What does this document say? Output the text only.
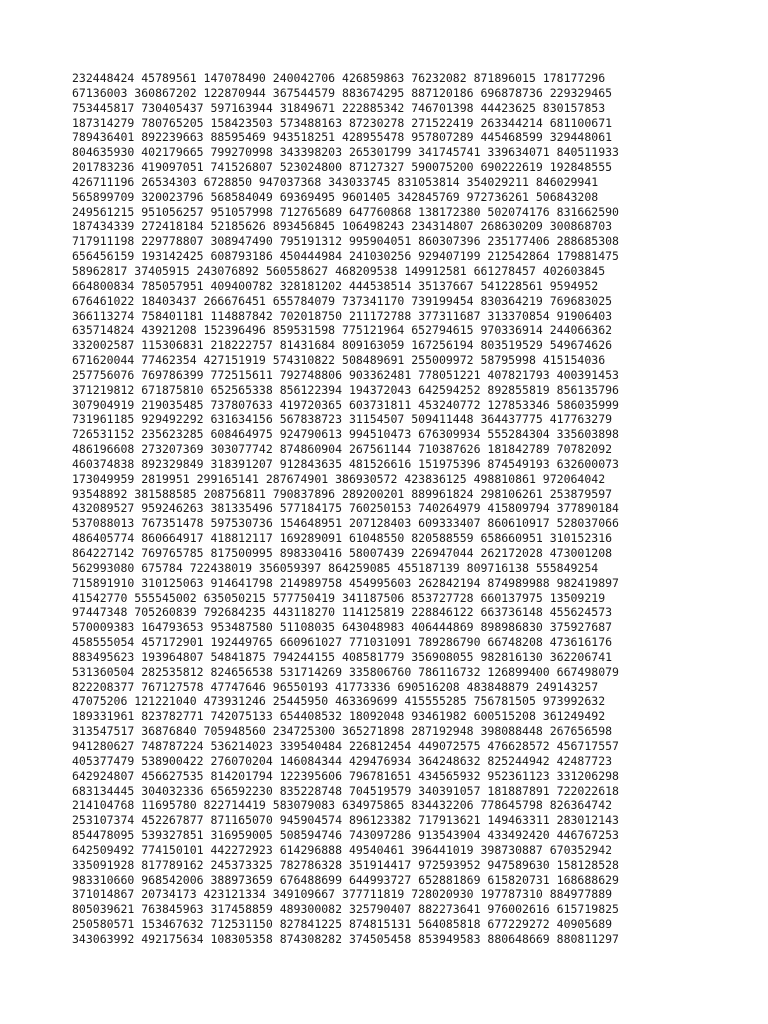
232448424 45789561 147078490 240042706 426859863 76232082 871896015 178177296
67136003 360867202 122870944 367544579 883674295 887120186 696878736 229329465
753445817 730405437 597163944 31849671 222885342 746701398 44423625 830157853
187314279 780765205 158423503 573488163 87230278 271522419 263344214 681100671
789436401 892239663 88595469 943518251 428955478 957807289 445468599 329448061
804635930 402179665 799270998 343398203 265301799 341745741 339634071 840511933
201783236 419097051 741526807 523024800 87127327 590075200 690222619 192848555
426711196 26534303 6728850 947037368 343033745 831053814 354029211 846029941
565899709 320023796 568584049 69369495 9601405 342845769 972736261 506843208
249561215 951056257 951057998 712765689 647760868 138172380 502074176 831662590
187434339 272418184 52185626 893456845 106498243 234314807 268630209 300868703
717911198 229778807 308947490 795191312 995904051 860307396 235177406 288685308
656456159 193142425 608793186 450444984 241030256 929407199 212542864 179881475
58962817 37405915 243076892 560558627 468209538 149912581 661278457 402603845
664800834 785057951 409400782 328181202 444538514 35137667 541228561 9594952
676461022 18403437 266676451 655784079 737341170 739199454 830364219 769683025
366113274 758401181 114887842 702018750 211172788 377311687 313370854 91906403
635714824 43921208 152396496 859531598 775121964 652794615 970336914 244066362
332002587 115306831 218222757 81431684 809163059 167256194 803519529 549674626
671620044 77462354 427151919 574310822 508489691 255009972 58795998 415154036
257756076 769786399 772515611 792748806 903362481 778051221 407821793 400391453
371219812 671875810 652565338 856122394 194372043 642594252 892855819 856135796
307904919 219035485 737807633 419720365 603731811 453240772 127853346 586035999
731961185 929492292 631634156 567838723 31154507 509411448 364437775 417763279
726531152 235623285 608464975 924790613 994510473 676309934 555284304 335603898
486196608 273207369 303077742 874860904 267561144 710387626 181842789 70782092
460374838 892329849 318391207 912843635 481526616 151975396 874549193 632600073
173049959 2819951 299165141 287674901 386930572 423836125 498810861 972064042
93548892 381588585 208756811 790837896 289200201 889961824 298106261 253879597
432089527 959246263 381335496 577184175 760250153 740264979 415809794 377890184
537088013 767351478 597530736 154648951 207128403 609333407 860610917 528037066
486405774 860664917 418812117 169289091 61048550 820588559 658660951 310152316
864227142 769765785 817500995 898330416 58007439 226947044 262172028 473001208
562993080 675784 722438019 356059397 864259085 455187139 809716138 555849254
715891910 310125063 914641798 214989758 454995603 262842194 874989988 982419897
41542770 555545002 635050215 577750419 341187506 853727728 660137975 13509219
97447348 705260839 792684235 443118270 114125819 228846122 663736148 455624573
570009383 164793653 953487580 51108035 643048983 406444869 898986830 375927687
458555054 457172901 192449765 660961027 771031091 789286790 66748208 473616176
883495623 193964807 54841875 794244155 408581779 356908055 982816130 362206741
531360504 282535812 824656538 531714269 335806760 786116732 126899400 667498079
822208377 767127578 47747646 96550193 41773336 690516208 483848879 249143257
47075206 121221040 473931246 25445950 463369699 415555285 756781505 973992632
189331961 823782771 742075133 654408532 18092048 93461982 600515208 361249492
313547517 36876840 705948560 234725300 365271898 287192948 398088448 267656598
941280627 748787224 536214023 339540484 226812454 449072575 476628572 456717557
405377479 538900422 276070204 146084344 429476934 364248632 825244942 42487723
642924807 456627535 814201794 122395606 796781651 434565932 952361123 331206298
683134445 304032336 656592230 835228748 704519579 340391057 181887891 722022618
214104768 11695780 822714419 583079083 634975865 834432206 778645798 826364742
253107374 452267877 871165070 945904574 896123382 717913621 149463311 283012143
854478095 539327851 316959005 508594746 743097286 913543904 433492420 446767253
642509492 774150101 442272923 614296888 49540461 396441019 398730887 670352942
335091928 817789162 245373325 782786328 351914417 972593952 947589630 158128528
983310660 968542006 388973659 676488699 644993727 652881869 615820731 168688629
371014867 20734173 423121334 349109667 377711819 728020930 197787310 884977889
805039621 763845963 317458859 489300082 325790407 882273641 976002616 615719825
250580571 153467632 712531150 827841225 874815131 564085818 677229272 40905689
343063992 492175634 108305358 874308282 374505458 853949583 880648669 880811297
